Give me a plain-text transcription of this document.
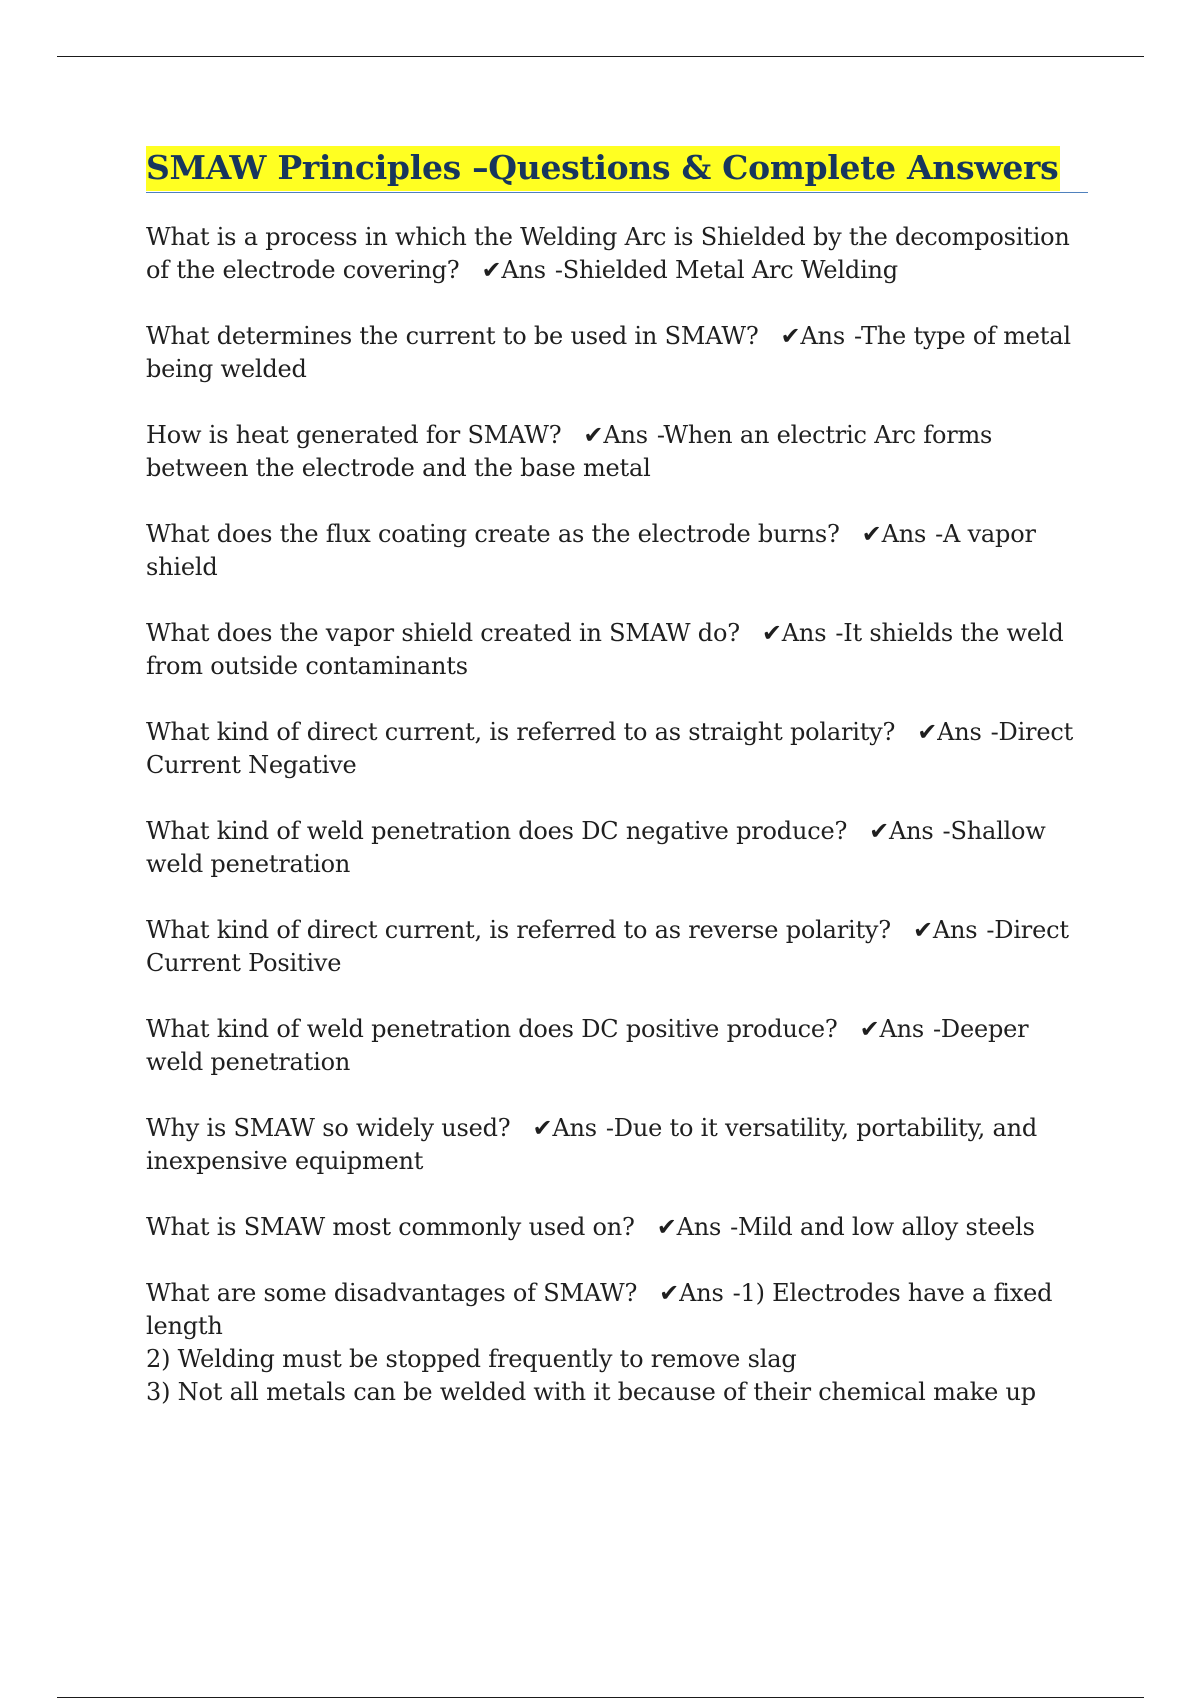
SMAW Principles –Questions & Complete Answers
What is a process in which the Welding Arc is Shielded by the decomposition of the electrode covering? ✔Ans -Shielded Metal Arc Welding
What determines the current to be used in SMAW? ✔Ans -The type of metal being welded
How is heat generated for SMAW? ✔Ans -When an electric Arc forms between the electrode and the base metal
What does the flux coating create as the electrode burns? ✔Ans -A vapor shield
What does the vapor shield created in SMAW do? ✔Ans -It shields the weld from outside contaminants
What kind of direct current, is referred to as straight polarity? ✔Ans -Direct Current Negative
What kind of weld penetration does DC negative produce? ✔Ans -Shallow weld penetration
What kind of direct current, is referred to as reverse polarity? ✔Ans -Direct Current Positive
What kind of weld penetration does DC positive produce? ✔Ans -Deeper weld penetration
Why is SMAW so widely used? ✔Ans -Due to it versatility, portability, and inexpensive equipment
What is SMAW most commonly used on? ✔Ans -Mild and low alloy steels
What are some disadvantages of SMAW? ✔Ans -1) Electrodes have a fixed length
2) Welding must be stopped frequently to remove slag
3) Not all metals can be welded with it because of their chemical make up
